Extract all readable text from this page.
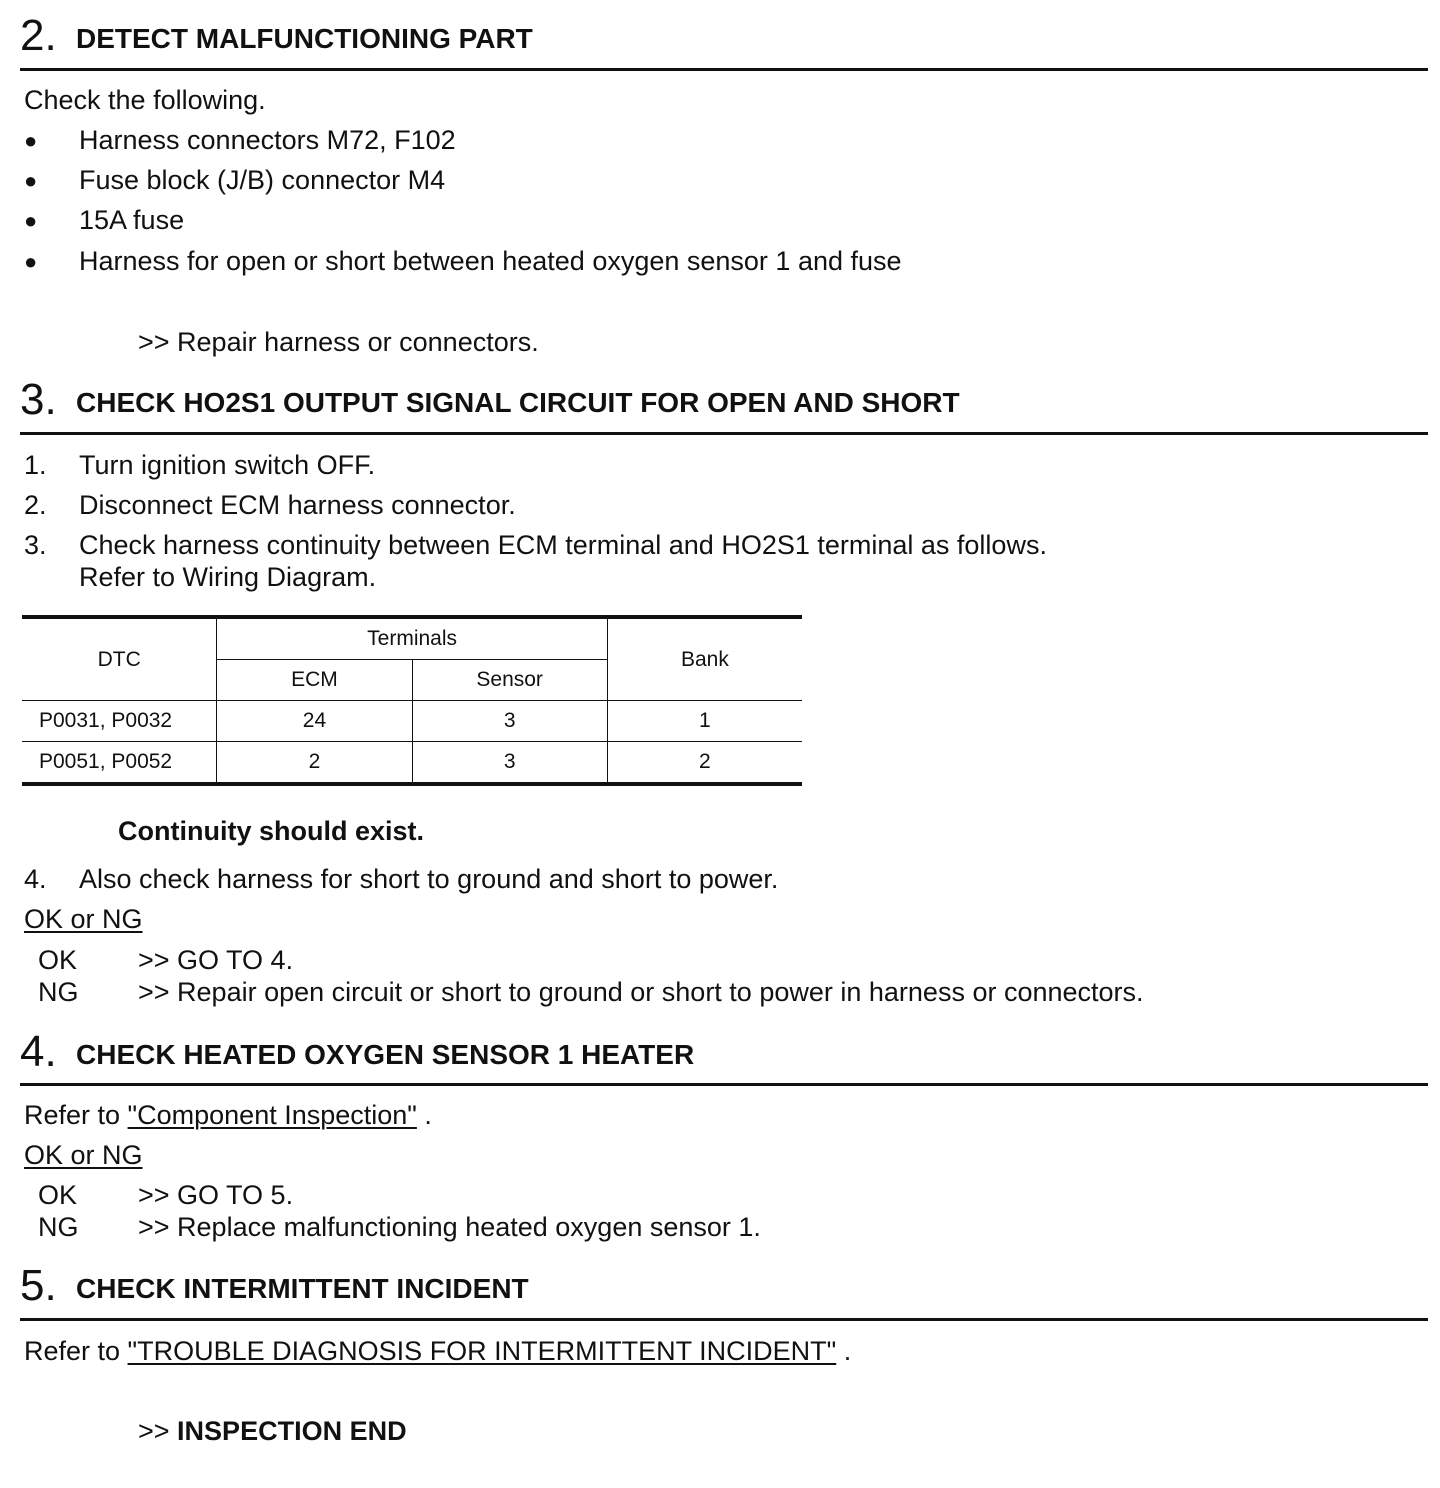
2. DETECT MALFUNCTIONING PART
Check the following.
● Harness connectors M72, F102
● Fuse block (J/B) connector M4
● 15A fuse
● Harness for open or short between heated oxygen sensor 1 and fuse
>> Repair harness or connectors.
3. CHECK HO2S1 OUTPUT SIGNAL CIRCUIT FOR OPEN AND SHORT
1. Turn ignition switch OFF.
2. Disconnect ECM harness connector.
3. Check harness continuity between ECM terminal and HO2S1 terminal as follows.
Refer to Wiring Diagram.
DTC	Terminals		Bank
	ECM	Sensor	
P0031, P0032	24	3	1
P0051, P0052	2	3	2
Continuity should exist.
4. Also check harness for short to ground and short to power.
OK or NG
OK >> GO TO 4.
NG >> Repair open circuit or short to ground or short to power in harness or connectors.
4. CHECK HEATED OXYGEN SENSOR 1 HEATER
Refer to "Component Inspection" .
OK or NG
OK >> GO TO 5.
NG >> Replace malfunctioning heated oxygen sensor 1.
5. CHECK INTERMITTENT INCIDENT
Refer to "TROUBLE DIAGNOSIS FOR INTERMITTENT INCIDENT" .
>> INSPECTION END
